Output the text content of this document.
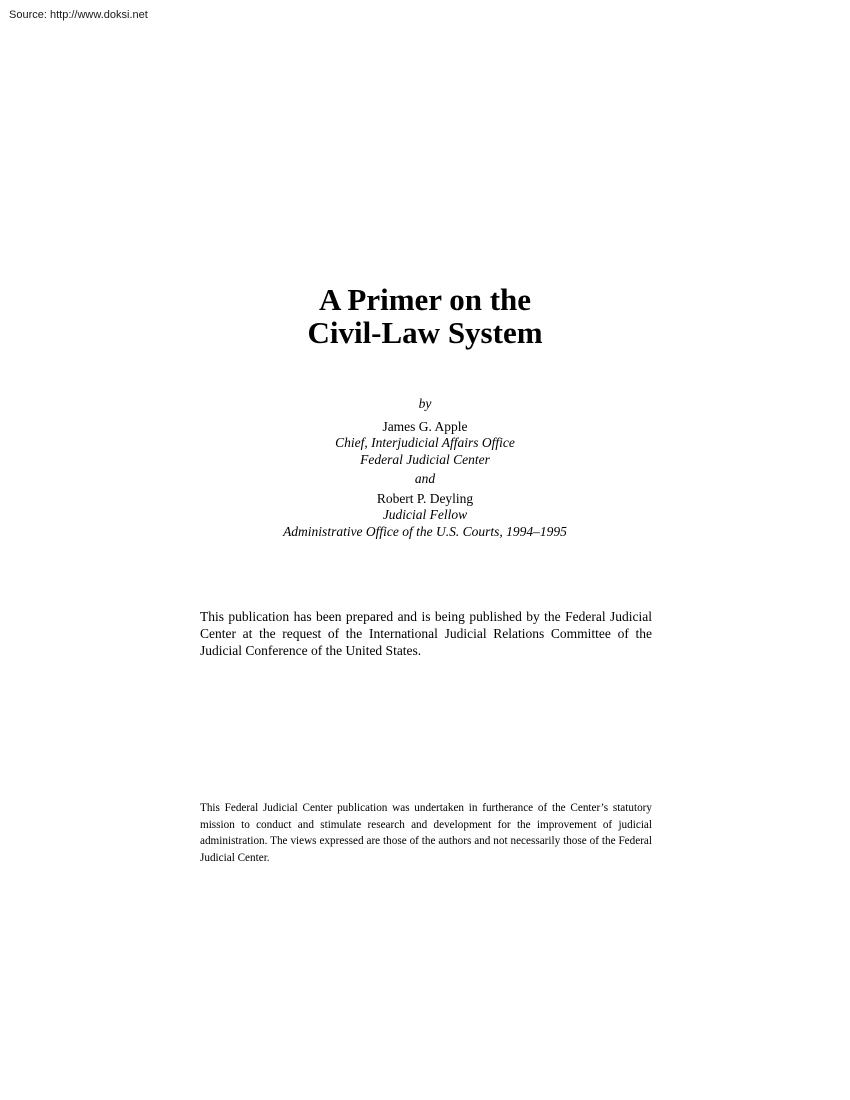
Source: http://www.doksi.net
A Primer on the
Civil-Law System
by
James G. Apple
Chief, Interjudicial Affairs Office
Federal Judicial Center
and
Robert P. Deyling
Judicial Fellow
Administrative Office of the U.S. Courts, 1994–1995
This publication has been prepared and is being published by the Federal Judicial Center at the request of the International Judicial Relations Committee of the Judicial Conference of the United States.
This Federal Judicial Center publication was undertaken in furtherance of the Center’s statutory mission to conduct and stimulate research and development for the improvement of judicial administration. The views expressed are those of the authors and not necessarily those of the Federal Judicial Center.
